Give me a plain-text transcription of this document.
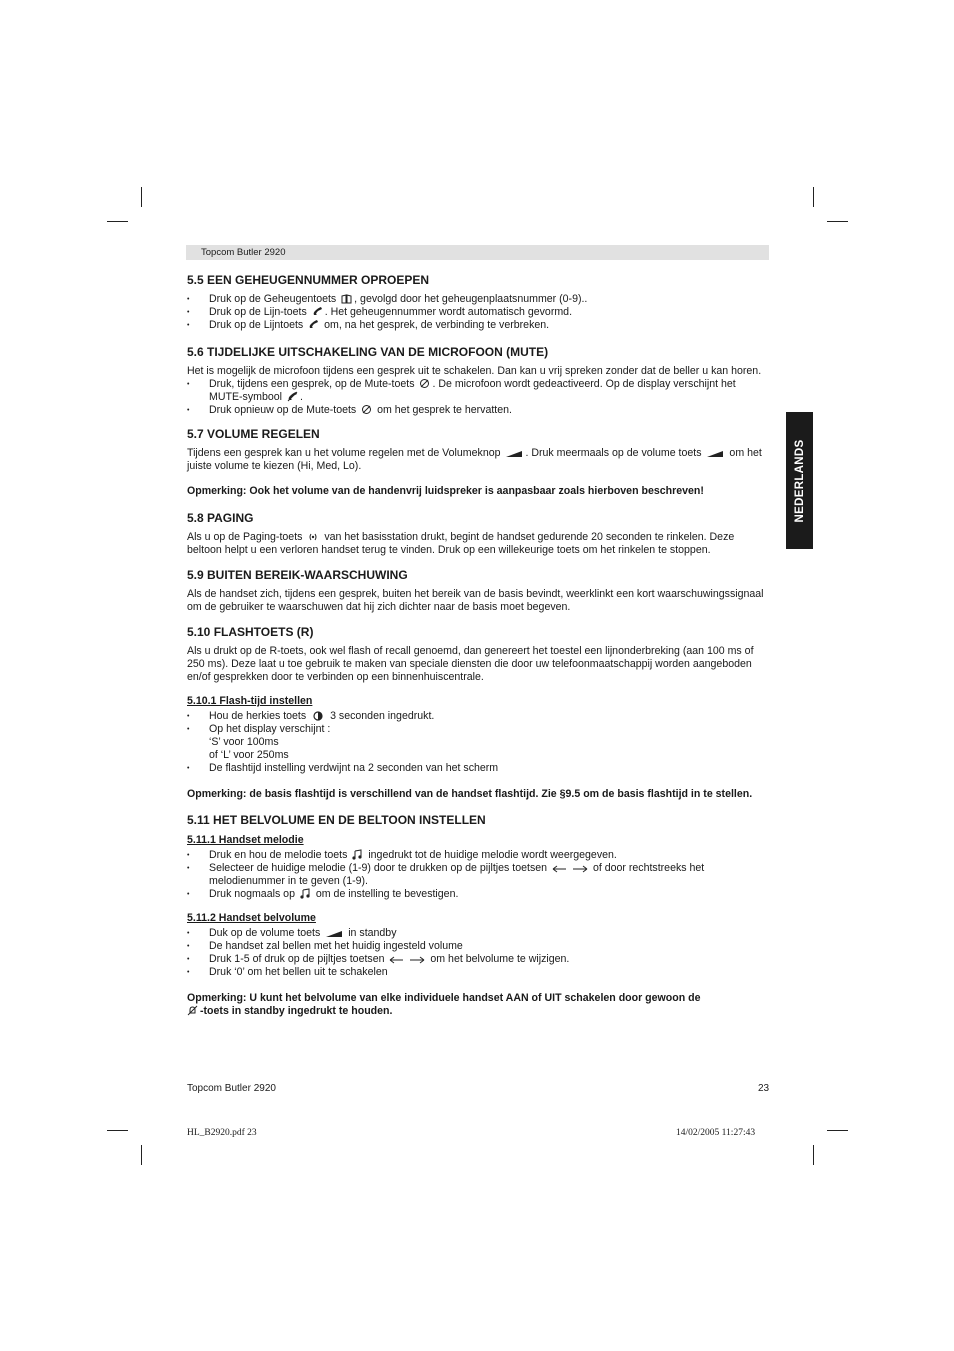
Topcom Butler 2920
NEDERLANDS
5.5 EEN GEHEUGENNUMMER OPROEPEN
• Druk op de Geheugentoets , gevolgd door het geheugenplaatsnummer (0-9)..
• Druk op de Lijn-toets . Het geheugennummer wordt automatisch gevormd.
• Druk op de Lijntoets om, na het gesprek, de verbinding te verbreken.
5.6 TIJDELIJKE UITSCHAKELING VAN DE MICROFOON (MUTE)

Het is mogelijk de microfoon tijdens een gesprek uit te schakelen. Dan kan u vrij spreken zonder dat de beller u kan horen.

• Druk, tijdens een gesprek, op de Mute-toets . De microfoon wordt gedeactiveerd. Op de display verschijnt het MUTE-symbool .
• Druk opnieuw op de Mute-toets om het gesprek te hervatten.
5.7 VOLUME REGELEN

Tijdens een gesprek kan u het volume regelen met de Volumeknop . Druk meermaals op de volume toets	om het juiste volume te kiezen (Hi, Med, Lo).

Opmerking: Ook het volume van de handenvrij luidspreker is aanpasbaar zoals hierboven beschreven!

5.8 PAGING

Als u op de Paging-toets van het basisstation drukt, begint de handset gedurende 20 seconden te rinkelen. Deze beltoon helpt u een verloren handset terug te vinden. Druk op een willekeurige toets om het rinkelen te stoppen.

5.9 BUITEN BEREIK-WAARSCHUWING

Als de handset zich, tijdens een gesprek, buiten het bereik van de basis bevindt, weerklinkt een kort waarschuwingssignaal om de gebruiker te waarschuwen dat hij zich dichter naar de basis moet begeven.

5.10 FLASHTOETS (R)

Als u drukt op de R-toets, ook wel flash of recall genoemd, dan genereert het toestel een lijnonderbreking (aan 100 ms of 250 ms). Deze laat u toe gebruik te maken van speciale diensten die door uw telefoonmaatschappij worden aangeboden en/of gesprekken door te verbinden op een binnenhuiscentrale.

5.10.1 Flash-tijd instellen
• Hou de herkies toets 3 seconden ingedrukt.
• Op het display verschijnt :

‘S’ voor 100ms

of ‘L’ voor 250ms

• De flashtijd instelling verdwijnt na 2 seconden van het scherm

Opmerking: de basis flashtijd is verschillend van de handset flashtijd. Zie §9.5 om de basis flashtijd in te stellen.

5.11 HET BELVOLUME EN DE BELTOON INSTELLEN
5.11.1 Handset melodie
• Druk en hou de melodie toets ingedrukt tot de huidige melodie wordt weergegeven.
• Selecteer de huidige melodie (1-9) door te drukken op de pijltjes toetsen	of door rechtstreeks het melodienummer in te geven (1-9).
• Druk nogmaals op om de instelling te bevestigen.
5.11.2 Handset belvolume
• Duk op de volume toets	in standby
• De handset zal bellen met het huidig ingesteld volume
• Druk 1-5 of druk op de pijltjes toetsen	om het belvolume te wijzigen.
• Druk ‘0’ om het bellen uit te schakelen

Opmerking: U kunt het belvolume van elke individuele handset AAN of UIT schakelen door gewoon de
-toets in standby ingedrukt te houden.

Topcom Butler 2920	23
HL_B2920.pdf 23	14/02/2005 11:27:43
